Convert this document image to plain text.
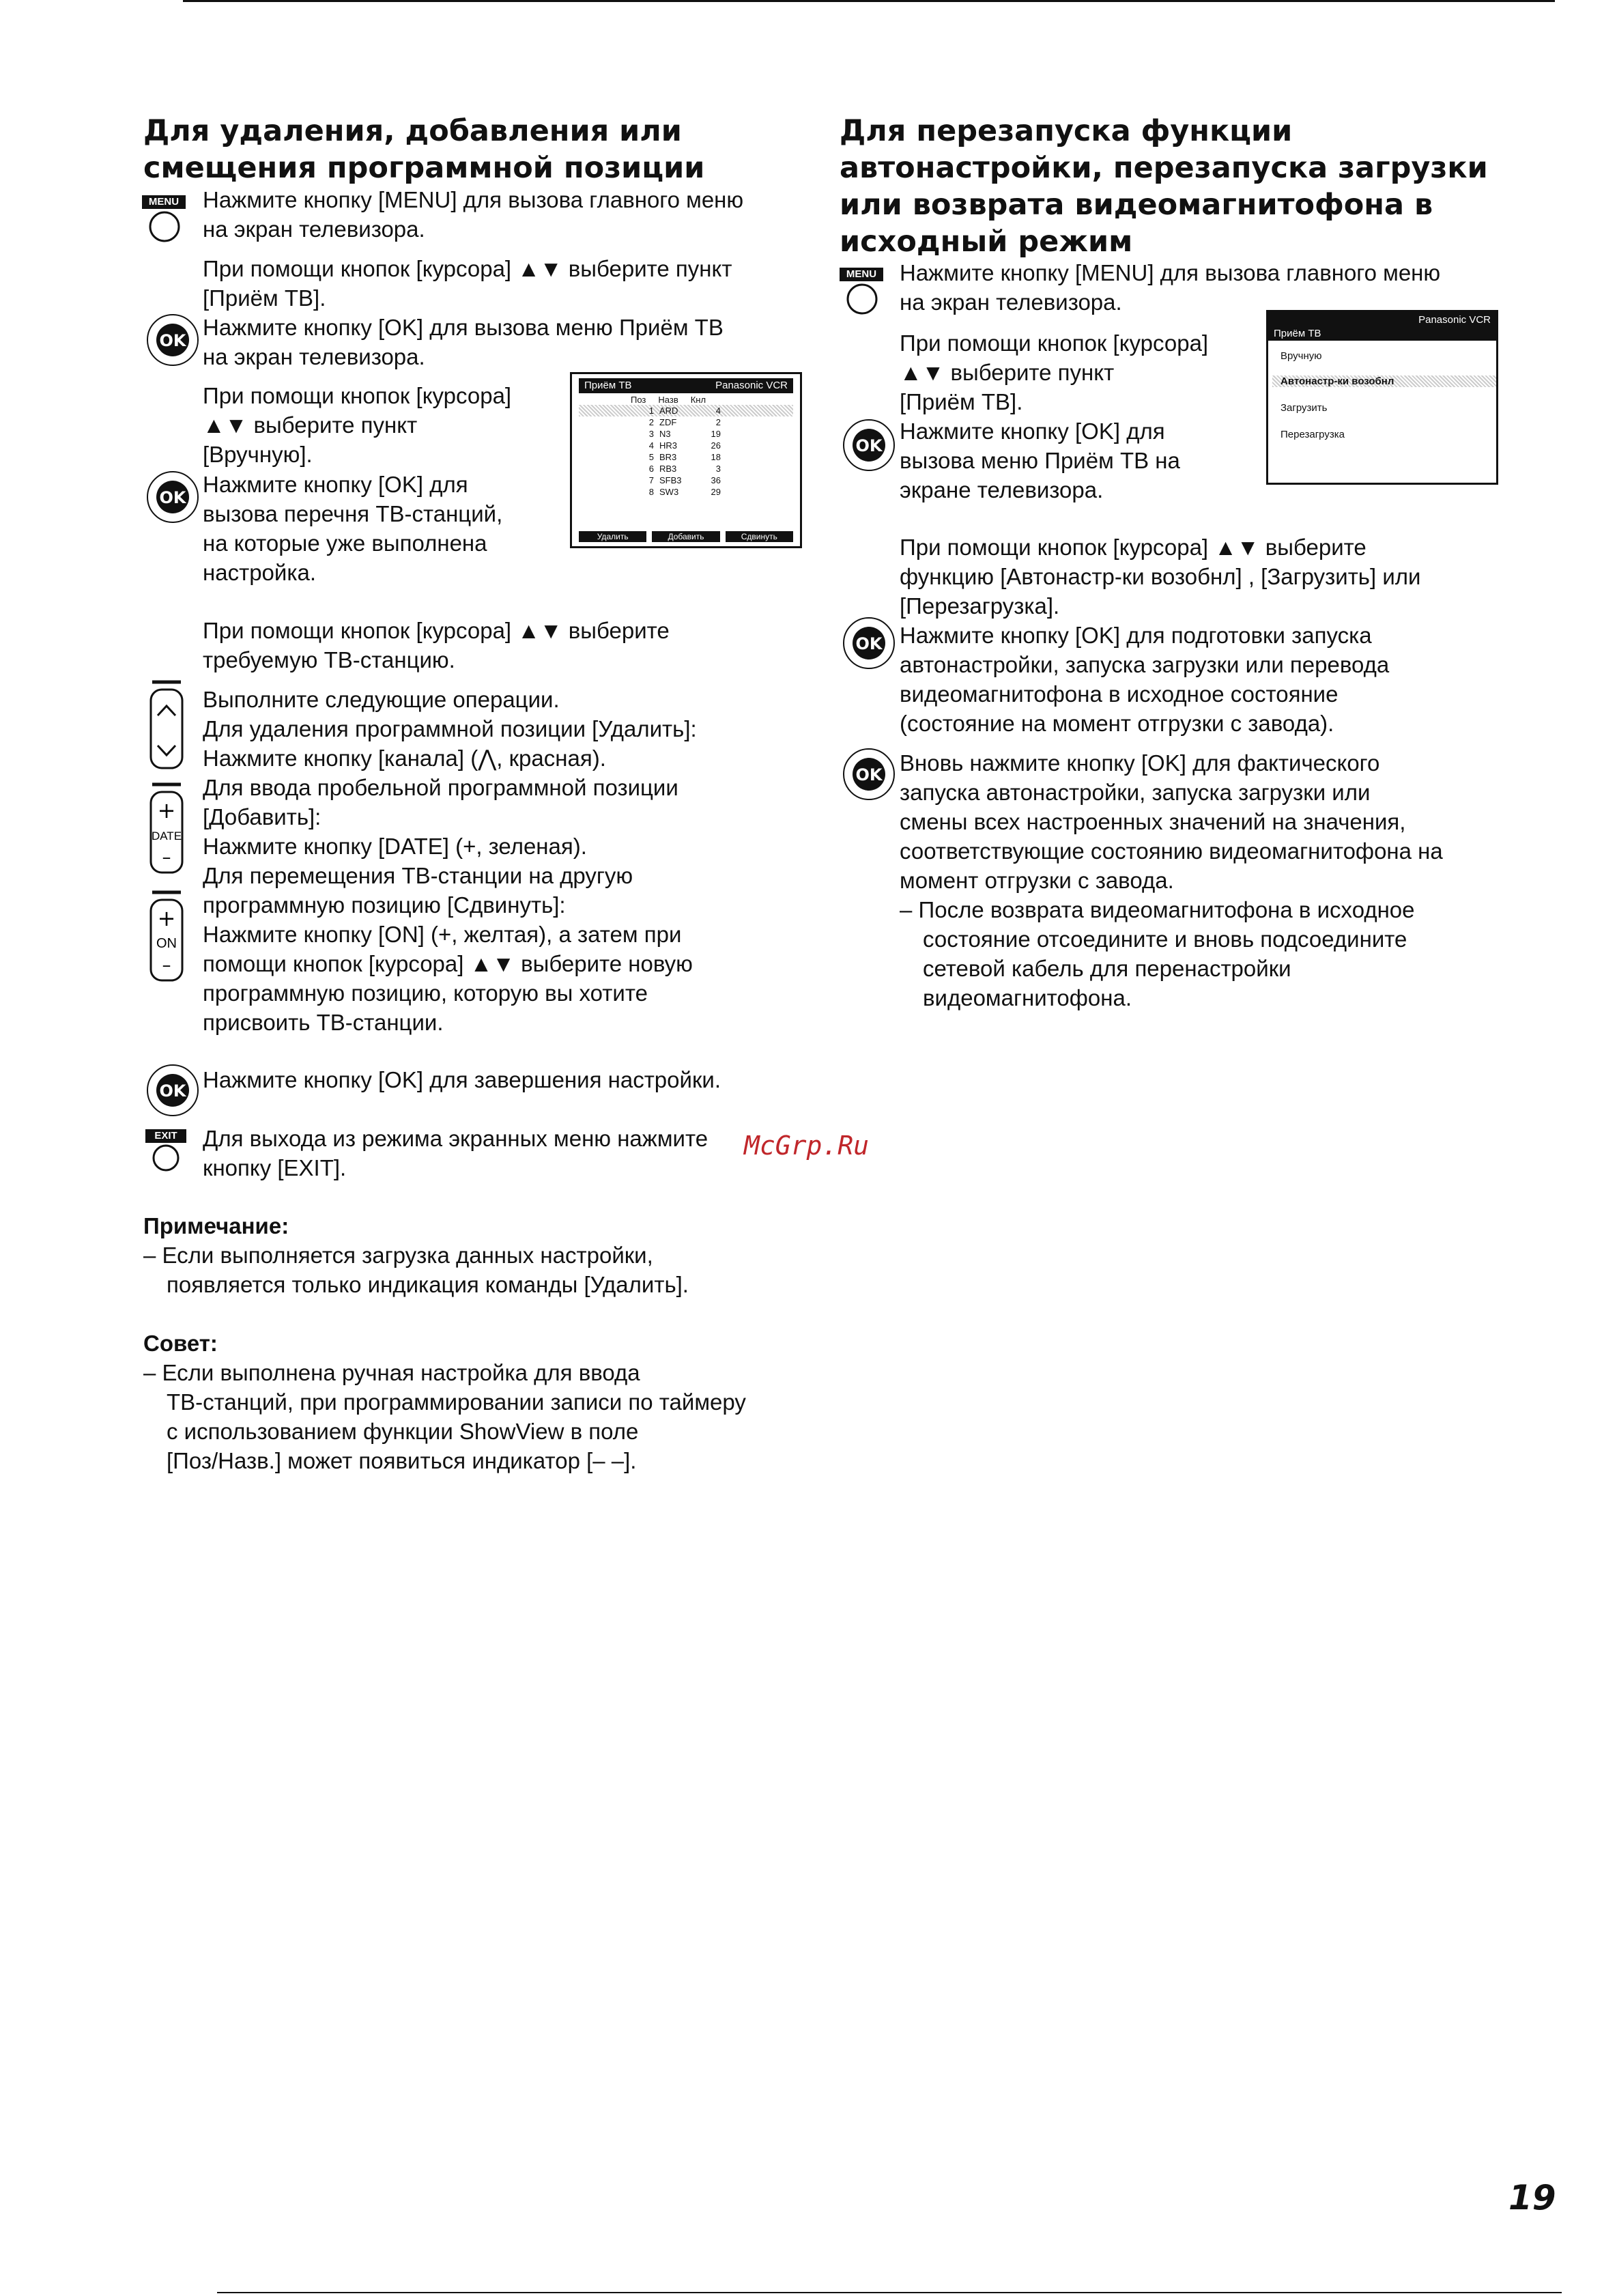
Для удаления, добавления или
смещения программной позиции
MENU	Нажмите кнопку [MENU] для вызова главного меню
на экран телевизора.
При помощи кнопок [курсора] ▲▼ выберите пункт
[Приём ТВ].
OK
Нажмите кнопку [OK] для вызова меню Приём ТВ
на экран телевизора.
При помощи кнопок [курсора]
▲▼ выберите пункт
[Вручную].
Приём ТВ	Panasonic VCR
Поз Назв Кнл
1 ARD	4
2 ZDF	2
3 N3	19
4 HR3	26
5 BR3	18
6 RB3	3
7 SFB3	36
8 SW3	29
Удалить	Добавить	Сдвинуть
OK
Нажмите кнопку [OK] для
вызова перечня ТВ-станций,
на которые уже выполнена
настройка.
При помощи кнопок [курсора] ▲▼ выберите
требуемую ТВ-станцию.
+
DATE
–
+
ON
–
Выполните следующие операции.
Для удаления программной позиции [Удалить]:
Нажмите кнопку [канала] (⋀, красная).
Для ввода пробельной программной позиции
[Добавить]:
Нажмите кнопку [DATE] (+, зеленая).
Для перемещения ТВ-станции на другую
программную позицию [Сдвинуть]:
Нажмите кнопку [ON] (+, желтая), а затем при
помощи кнопок [курсора] ▲▼ выберите новую
программную позицию, которую вы хотите
присвоить ТВ-станции.
OK Нажмите кнопку [OK] для завершения настройки.
EXIT	Для выхода из режима экранных меню нажмите
кнопку [EXIT].
McGrp.Ru
Примечание:
– Если выполняется загрузка данных настройки,
появляется только индикация команды [Удалить].
Совет:
– Если выполнена ручная настройка для ввода
ТВ-станций, при программировании записи по таймеру
с использованием функции ShowView в поле
[Поз/Назв.] может появиться индикатор [– –].
Для перезапуска функции
автонастройки, перезапуска загрузки
или возврата видеомагнитофона в
исходный режим
MENU	Нажмите кнопку [MENU] для вызова главного меню
на экран телевизора.
При помощи кнопок [курсора]
▲▼ выберите пункт
[Приём ТВ].
Panasonic VCR
Приём ТВ
Вручную
Автонастр-ки возобнл
Загрузить
Перезагрузка
OK
Нажмите кнопку [OK] для
вызова меню Приём ТВ на
экране телевизора.
При помощи кнопок [курсора] ▲▼ выберите
функцию [Автонастр-ки возобнл] , [Загрузить] или
[Перезагрузка].
OK Нажмите кнопку [OK] для подготовки запуска
автонастройки, запуска загрузки или перевода
видеомагнитофона в исходное состояние
(состояние на момент отгрузки с завода).
OK Вновь нажмите кнопку [OK] для фактического
запуска автонастройки, запуска загрузки или
смены всех настроенных значений на значения,
соответствующие состоянию видеомагнитофона на
момент отгрузки с завода.
– После возврата видеомагнитофона в исходное
состояние отсоедините и вновь подсоедините
сетевой кабель для перенастройки
видеомагнитофона.
19
